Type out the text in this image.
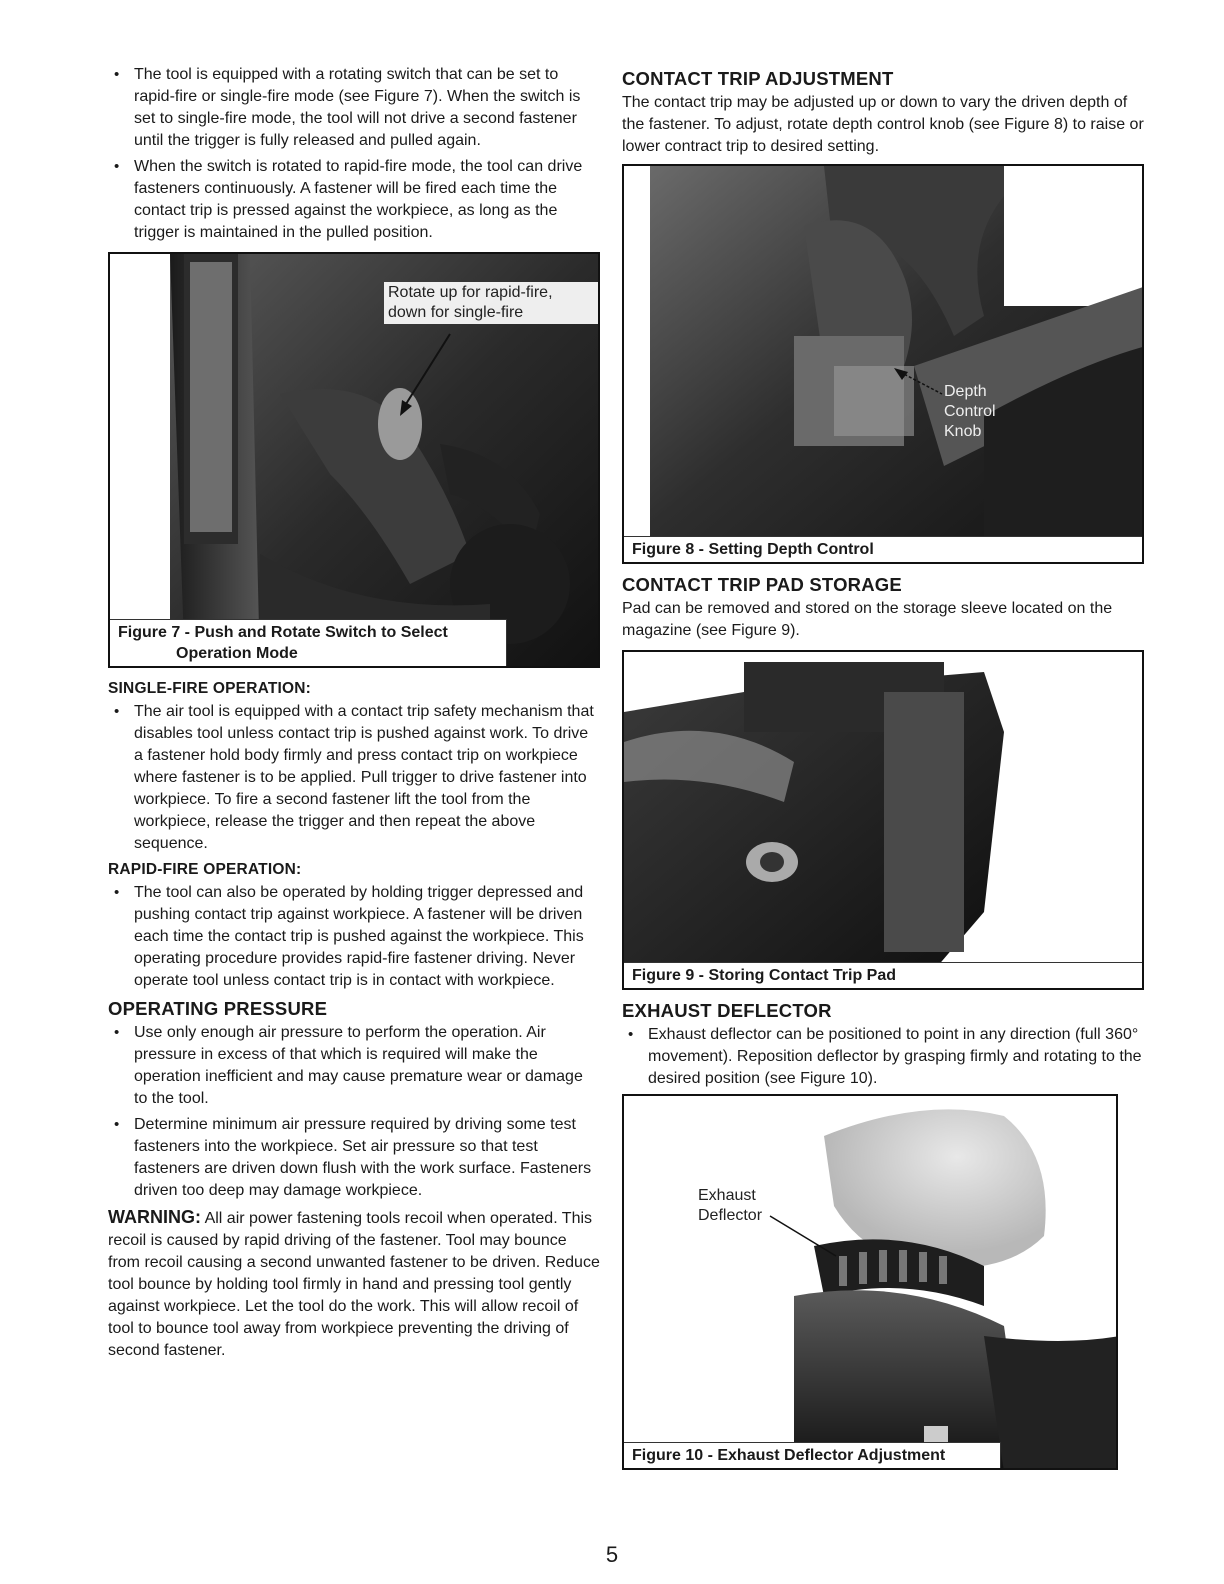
• The tool is equipped with a rotating switch that can be set to rapid-fire or single-fire mode (see Figure 7). When the switch is set to single-fire mode, the tool will not drive a second fastener until the trigger is fully released and pulled again.
• When the switch is rotated to rapid-fire mode, the tool can drive fasteners continuously. A fastener will be fired each time the contact trip is pressed against the workpiece, as long as the trigger is maintained in the pulled position.
Rotate up for rapid-fire,
down for single-fire
Figure 7 - Push and Rotate Switch to Select
Operation Mode
SINGLE-FIRE OPERATION:
• The air tool is equipped with a contact trip safety mechanism that disables tool unless contact trip is pushed against work. To drive a fastener hold body firmly and press contact trip on workpiece where fastener is to be applied. Pull trigger to drive fastener into workpiece. To fire a second fastener lift the tool from the workpiece, release the trigger and then repeat the above sequence.
RAPID-FIRE OPERATION:
• The tool can also be operated by holding trigger depressed and pushing contact trip against workpiece. A fastener will be driven each time the contact trip is pushed against the workpiece. This operating procedure provides rapid-fire fastener driving. Never operate tool unless contact trip is in contact with workpiece.
OPERATING PRESSURE
• Use only enough air pressure to perform the operation. Air pressure in excess of that which is required will make the operation inefficient and may cause premature wear or damage to the tool.
• Determine minimum air pressure required by driving some test fasteners into the workpiece. Set air pressure so that test fasteners are driven down flush with the work surface. Fasteners driven too deep may damage workpiece.

WARNING: All air power fastening tools recoil when operated. This recoil is caused by rapid driving of the fastener. Tool may bounce from recoil causing a second unwanted fastener to be driven. Reduce tool bounce by holding tool firmly in hand and pressing tool gently against workpiece. Let the tool do the work. This will allow recoil of tool to bounce tool away from workpiece preventing the driving of second fastener.

CONTACT TRIP ADJUSTMENT

The contact trip may be adjusted up or down to vary the driven depth of the fastener. To adjust, rotate depth control knob (see Figure 8) to raise or lower contract trip to desired setting.

Depth
Control
Knob
Figure 8 - Setting Depth Control
CONTACT TRIP PAD STORAGE

Pad can be removed and stored on the storage sleeve located on the magazine (see Figure 9).

Figure 9 - Storing Contact Trip Pad
EXHAUST DEFLECTOR
• Exhaust deflector can be positioned to point in any direction (full 360° movement). Reposition deflector by grasping firmly and rotating to the desired position (see Figure 10).
Exhaust
Deflector
Figure 10 - Exhaust Deflector Adjustment
5
